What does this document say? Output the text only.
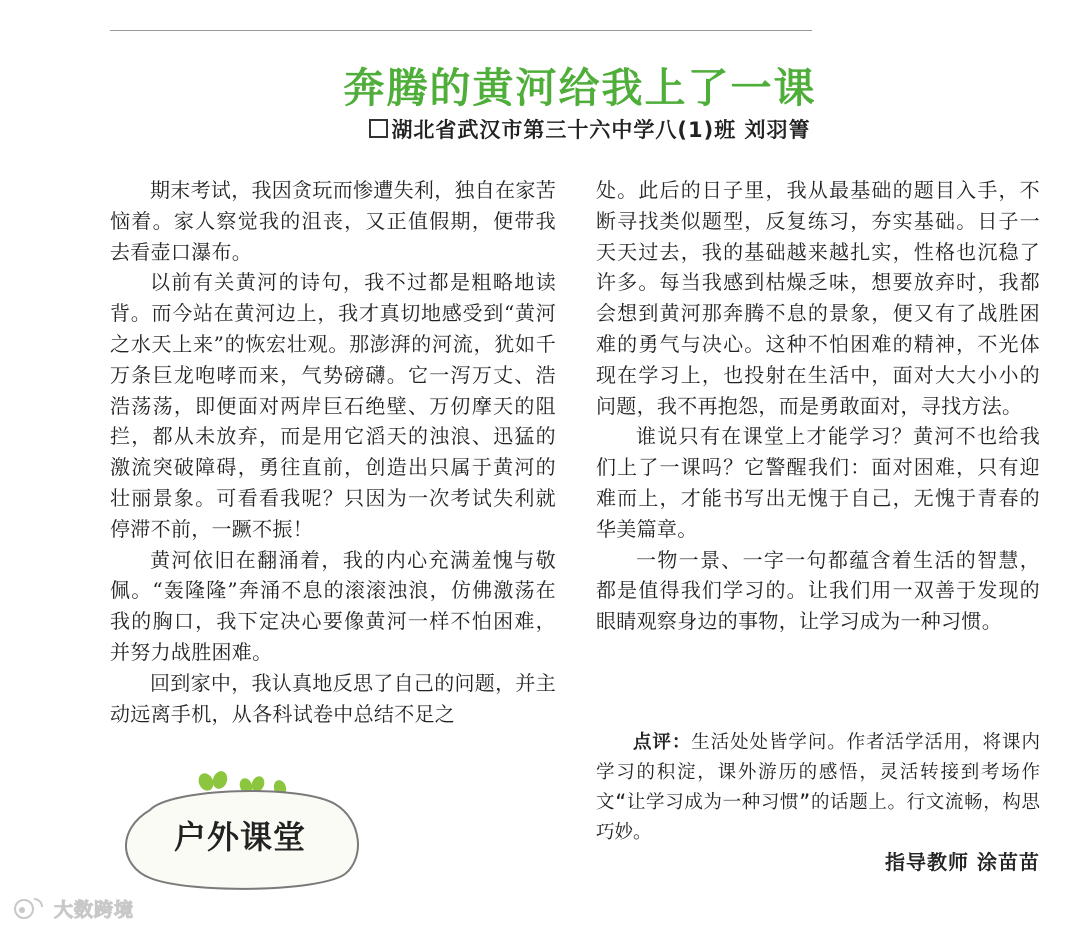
奔腾的黄河给我上了一课
湖北省武汉市第三十六中学八(1)班 刘羽箐

期末考试，我因贪玩而惨遭失利，独自在家苦恼着。家人察觉我的沮丧，又正值假期，便带我去看壶口瀑布。

以前有关黄河的诗句，我不过都是粗略地读背。而今站在黄河边上，我才真切地感受到“黄河之水天上来”的恢宏壮观。那澎湃的河流，犹如千万条巨龙咆哮而来，气势磅礴。它一泻万丈、浩浩荡荡，即便面对两岸巨石绝壁、万仞摩天的阻拦，都从未放弃，而是用它滔天的浊浪、迅猛的激流突破障碍，勇往直前，创造出只属于黄河的壮丽景象。可看看我呢？只因为一次考试失利就停滞不前，一蹶不振！

黄河依旧在翻涌着，我的内心充满羞愧与敬佩。“轰隆隆”奔涌不息的滚滚浊浪，仿佛激荡在我的胸口，我下定决心要像黄河一样不怕困难，并努力战胜困难。

回到家中，我认真地反思了自己的问题，并主动远离手机，从各科试卷中总结不足之

处。此后的日子里，我从最基础的题目入手，不断寻找类似题型，反复练习，夯实基础。日子一天天过去，我的基础越来越扎实，性格也沉稳了许多。每当我感到枯燥乏味，想要放弃时，我都会想到黄河那奔腾不息的景象，便又有了战胜困难的勇气与决心。这种不怕困难的精神，不光体现在学习上，也投射在生活中，面对大大小小的问题，我不再抱怨，而是勇敢面对，寻找方法。

谁说只有在课堂上才能学习？黄河不也给我们上了一课吗？它警醒我们：面对困难，只有迎难而上，才能书写出无愧于自己，无愧于青春的华美篇章。

一物一景、一字一句都蕴含着生活的智慧，都是值得我们学习的。让我们用一双善于发现的眼睛观察身边的事物，让学习成为一种习惯。

点评：生活处处皆学问。作者活学活用，将课内学习的积淀，课外游历的感悟，灵活转接到考场作文“让学习成为一种习惯”的话题上。行文流畅，构思巧妙。

指导教师 涂苗苗
户外课堂
大数跨境
